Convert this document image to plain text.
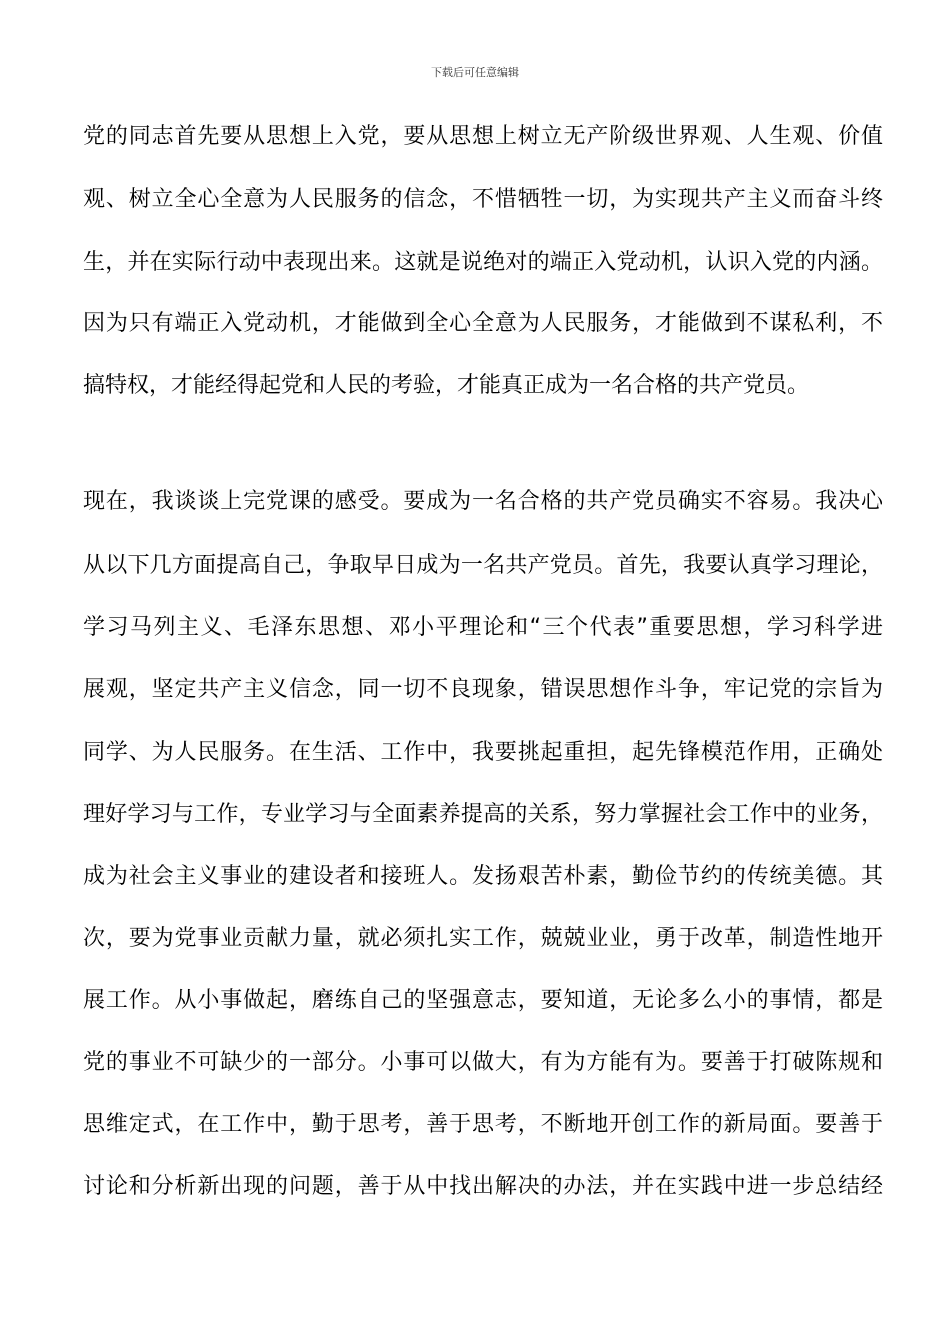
下载后可任意编辑
党的同志首先要从思想上入党，要从思想上树立无产阶级世界观、人生观、价值
观、树立全心全意为人民服务的信念，不惜牺牲一切，为实现共产主义而奋斗终
生，并在实际行动中表现出来。这就是说绝对的端正入党动机，认识入党的内涵。
因为只有端正入党动机，才能做到全心全意为人民服务，才能做到不谋私利，不
搞特权，才能经得起党和人民的考验，才能真正成为一名合格的共产党员。
现在，我谈谈上完党课的感受。要成为一名合格的共产党员确实不容易。我决心
从以下几方面提高自己，争取早日成为一名共产党员。首先，我要认真学习理论，
学习马列主义、毛泽东思想、邓小平理论和“三个代表”重要思想，学习科学进
展观，坚定共产主义信念，同一切不良现象，错误思想作斗争，牢记党的宗旨为
同学、为人民服务。在生活、工作中，我要挑起重担，起先锋模范作用，正确处
理好学习与工作，专业学习与全面素养提高的关系，努力掌握社会工作中的业务，
成为社会主义事业的建设者和接班人。发扬艰苦朴素，勤俭节约的传统美德。其
次，要为党事业贡献力量，就必须扎实工作，兢兢业业，勇于改革，制造性地开
展工作。从小事做起，磨练自己的坚强意志，要知道，无论多么小的事情，都是
党的事业不可缺少的一部分。小事可以做大，有为方能有为。要善于打破陈规和
思维定式，在工作中，勤于思考，善于思考，不断地开创工作的新局面。要善于
讨论和分析新出现的问题，善于从中找出解决的办法，并在实践中进一步总结经
